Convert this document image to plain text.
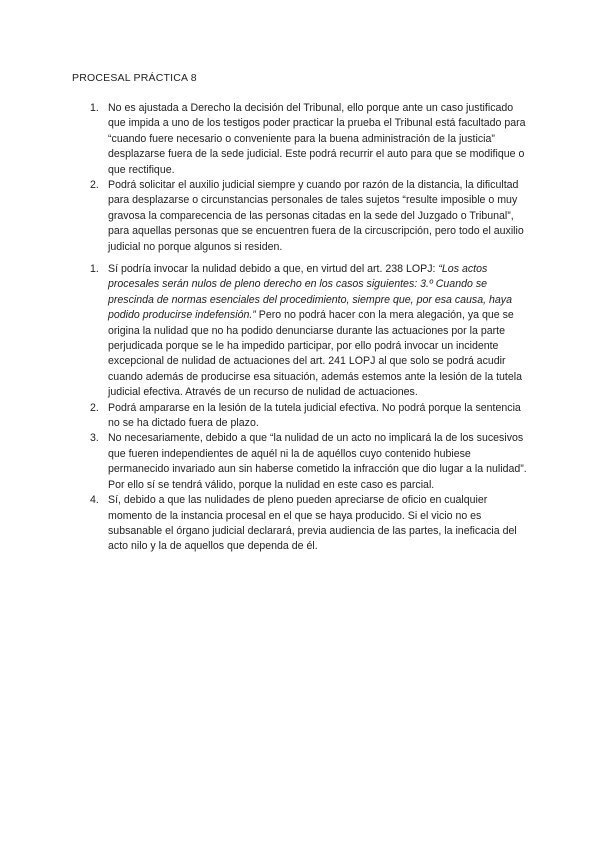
PROCESAL PRÁCTICA 8
1. No es ajustada a Derecho la decisión del Tribunal, ello porque ante un caso justificado que impida a uno de los testigos poder practicar la prueba el Tribunal está facultado para “cuando fuere necesario o conveniente para la buena administración de la justicia” desplazarse fuera de la sede judicial. Este podrá recurrir el auto para que se modifique o que rectifique.
2. Podrá solicitar el auxilio judicial siempre y cuando por razón de la distancia, la dificultad para desplazarse o circunstancias personales de tales sujetos “resulte imposible o muy gravosa la comparecencia de las personas citadas en la sede del Juzgado o Tribunal”, para aquellas personas que se encuentren fuera de la circuscripción, pero todo el auxilio judicial no porque algunos si residen.
1. Sí podría invocar la nulidad debido a que, en virtud del art. 238 LOPJ: “Los actos procesales serán nulos de pleno derecho en los casos siguientes: 3.º Cuando se prescinda de normas esenciales del procedimiento, siempre que, por esa causa, haya podido producirse indefensión.” Pero no podrá hacer con la mera alegación, ya que se origina la nulidad que no ha podido denunciarse durante las actuaciones por la parte perjudicada porque se le ha impedido participar, por ello podrá invocar un incidente excepcional de nulidad de actuaciones del art. 241 LOPJ al que solo se podrá acudir cuando además de producirse esa situación, además estemos ante la lesión de la tutela judicial efectiva. Através de un recurso de nulidad de actuaciones.
2. Podrá ampararse en la lesión de la tutela judicial efectiva. No podrá porque la sentencia no se ha dictado fuera de plazo.
3. No necesariamente, debido a que “la nulidad de un acto no implicará la de los sucesivos que fueren independientes de aquél ni la de aquéllos cuyo contenido hubiese permanecido invariado aun sin haberse cometido la infracción que dio lugar a la nulidad”. Por ello sí se tendrá válido, porque la nulidad en este caso es parcial.
4. Sí, debido a que las nulidades de pleno pueden apreciarse de oficio en cualquier momento de la instancia procesal en el que se haya producido. Si el vicio no es subsanable el órgano judicial declarará, previa audiencia de las partes, la ineficacia del acto nilo y la de aquellos que dependa de él.
